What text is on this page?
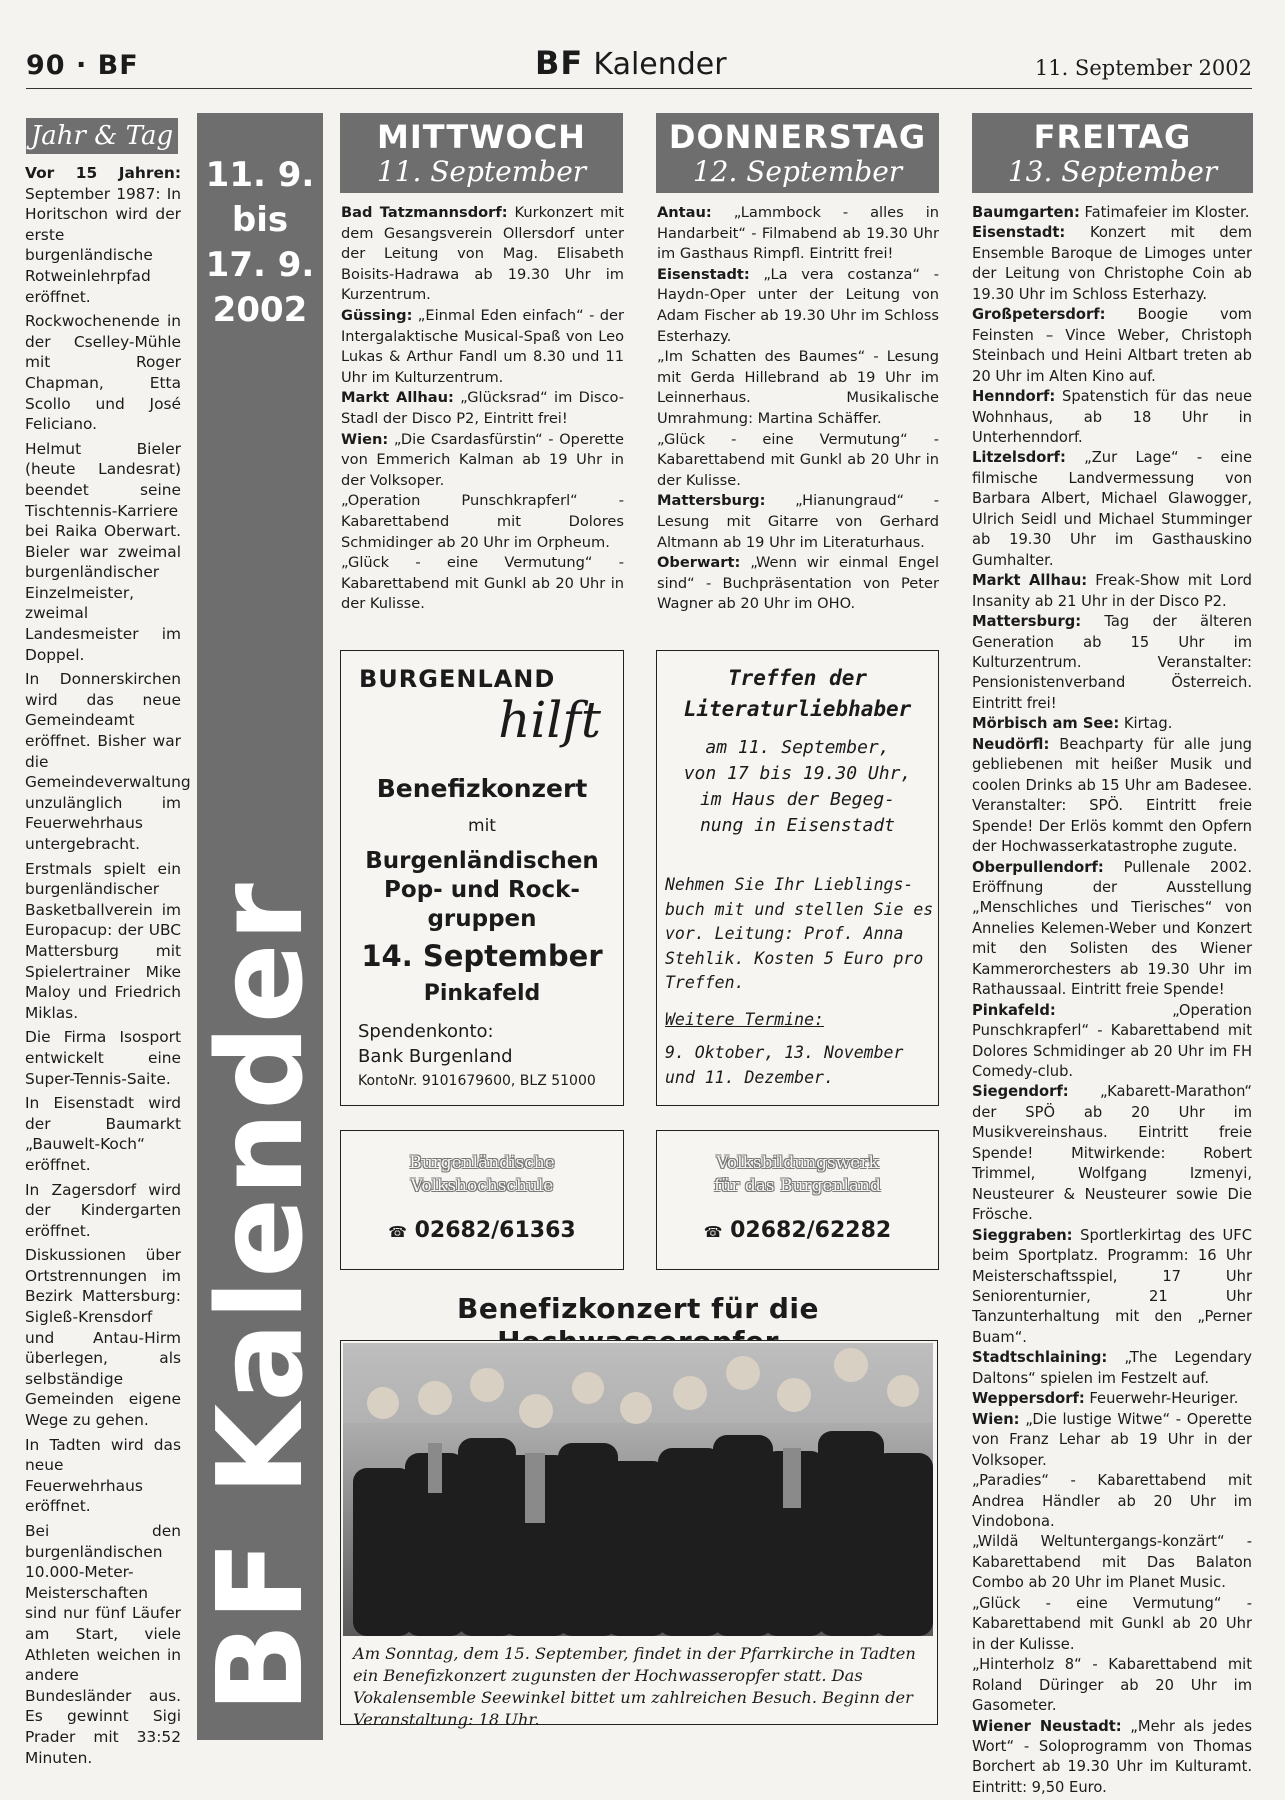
90 · BF	BF Kalender	11. September 2002
Jahr & Tag

Vor 15 Jahren: September 1987: In Horitschon wird der erste burgenländische Rotweinlehrpfad eröffnet.

Rockwochenende in der Cselley-Mühle mit Roger Chapman, Etta Scollo und José Feliciano.

Helmut Bieler (heute Landesrat) beendet seine Tischtennis-Karriere bei Raika Oberwart. Bieler war zweimal burgenländischer Einzelmeister, zweimal Landesmeister im Doppel.

In Donnerskirchen wird das neue Gemeindeamt eröffnet. Bisher war die Gemeindeverwaltung unzulänglich im Feuerwehrhaus untergebracht.

Erstmals spielt ein burgenländischer Basketballverein im Europacup: der UBC Mattersburg mit Spielertrainer Mike Maloy und Friedrich Miklas.

Die Firma Isosport entwickelt eine Super-Tennis-Saite.

In Eisenstadt wird der Baumarkt „Bauwelt-Koch“ eröffnet.

In Zagersdorf wird der Kindergarten eröffnet.

Diskussionen über Ortstrennungen im Bezirk Mattersburg: Sigleß-Krensdorf und Antau-Hirm überlegen, als selbständige Gemeinden eigene Wege zu gehen.

In Tadten wird das neue Feuerwehrhaus eröffnet.

Bei den burgenländischen 10.000-Meter-Meisterschaften sind nur fünf Läufer am Start, viele Athleten weichen in andere Bundesländer aus. Es gewinnt Sigi Prader mit 33:52 Minuten.

11. 9.
bis
17. 9.
2002
BF Kalender
MITTWOCH
11. September
DONNERSTAG
12. September
FREITAG
13. September

Bad Tatzmannsdorf: Kurkonzert mit dem Gesangsverein Ollersdorf unter der Leitung von Mag. Elisabeth Boisits-Hadrawa ab 19.30 Uhr im Kurzentrum.

Güssing: „Einmal Eden einfach“ - der Intergalaktische Musical-Spaß von Leo Lukas & Arthur Fandl um 8.30 und 11 Uhr im Kulturzentrum.

Markt Allhau: „Glücksrad“ im Disco-Stadl der Disco P2, Eintritt frei!

Wien: „Die Csardasfürstin“ - Operette von Emmerich Kalman ab 19 Uhr in der Volksoper.

„Operation Punschkrapferl“ - Kabarettabend mit Dolores Schmidinger ab 20 Uhr im Orpheum.

„Glück - eine Vermutung“ - Kabarettabend mit Gunkl ab 20 Uhr in der Kulisse.

Antau: „Lammbock - alles in Handarbeit“ - Filmabend ab 19.30 Uhr im Gasthaus Rimpfl. Eintritt frei!

Eisenstadt: „La vera costanza“ - Haydn-Oper unter der Leitung von Adam Fischer ab 19.30 Uhr im Schloss Esterhazy.

„Im Schatten des Baumes“ - Lesung mit Gerda Hillebrand ab 19 Uhr im Leinnerhaus. Musikalische Umrahmung: Martina Schäffer.

„Glück - eine Vermutung“ - Kabarettabend mit Gunkl ab 20 Uhr in der Kulisse.

Mattersburg: „Hianungraud“ - Lesung mit Gitarre von Gerhard Altmann ab 19 Uhr im Literaturhaus.

Oberwart: „Wenn wir einmal Engel sind“ - Buchpräsentation von Peter Wagner ab 20 Uhr im OHO.

Baumgarten: Fatimafeier im Kloster.

Eisenstadt: Konzert mit dem Ensemble Baroque de Limoges unter der Leitung von Christophe Coin ab 19.30 Uhr im Schloss Esterhazy.

Großpetersdorf: Boogie vom Feinsten – Vince Weber, Christoph Steinbach und Heini Altbart treten ab 20 Uhr im Alten Kino auf.

Henndorf: Spatenstich für das neue Wohnhaus, ab 18 Uhr in Unterhenndorf.

Litzelsdorf: „Zur Lage“ - eine filmische Landvermessung von Barbara Albert, Michael Glawogger, Ulrich Seidl und Michael Stumminger ab 19.30 Uhr im Gasthauskino Gumhalter.

Markt Allhau: Freak-Show mit Lord Insanity ab 21 Uhr in der Disco P2.

Mattersburg: Tag der älteren Generation ab 15 Uhr im Kulturzentrum. Veranstalter: Pensionistenverband Österreich. Eintritt frei!

Mörbisch am See: Kirtag.

Neudörfl: Beachparty für alle jung gebliebenen mit heißer Musik und coolen Drinks ab 15 Uhr am Badesee. Veranstalter: SPÖ. Eintritt freie Spende! Der Erlös kommt den Opfern der Hochwasserkatastrophe zugute.

Oberpullendorf: Pullenale 2002. Eröffnung der Ausstellung „Menschliches und Tierisches“ von Annelies Kelemen-Weber und Konzert mit den Solisten des Wiener Kammerorchesters ab 19.30 Uhr im Rathaussaal. Eintritt freie Spende!

Pinkafeld:	„Operation Punschkrapferl“ - Kabarettabend mit Dolores Schmidinger ab 20 Uhr im FH Comedy-club.

Siegendorf: „Kabarett-Marathon“ der SPÖ ab 20 Uhr im Musikvereinshaus. Eintritt freie Spende! Mitwirkende: Robert Trimmel, Wolfgang Izmenyi, Neusteurer & Neusteurer sowie Die Frösche.

Sieggraben: Sportlerkirtag des UFC beim Sportplatz. Programm: 16 Uhr Meisterschaftsspiel, 17 Uhr Seniorenturnier, 21 Uhr Tanzunterhaltung mit den „Perner Buam“.

Stadtschlaining: „The Legendary Daltons“ spielen im Festzelt auf.

Weppersdorf: Feuerwehr-Heuriger.

Wien: „Die lustige Witwe“ - Operette von Franz Lehar ab 19 Uhr in der Volksoper.

„Paradies“ - Kabarettabend mit Andrea Händler ab 20 Uhr im Vindobona.

„Wildä Weltuntergangs-konzärt“ - Kabarettabend mit Das Balaton Combo ab 20 Uhr im Planet Music.

„Glück - eine Vermutung“ - Kabarettabend mit Gunkl ab 20 Uhr in der Kulisse.

„Hinterholz 8“ - Kabarettabend mit Roland Düringer ab 20 Uhr im Gasometer.

Wiener Neustadt: „Mehr als jedes Wort“ - Soloprogramm von Thomas Borchert ab 19.30 Uhr im Kulturamt. Eintritt: 9,50 Euro.

BURGENLAND
hilft
Benefizkonzert
mit
Burgenländischen
Pop- und Rock-
gruppen
14. September
Pinkafeld
Spendenkonto:
Bank Burgenland
KontoNr. 9101679600, BLZ 51000
Treffen der
Literaturliebhaber
am 11. September,
von 17 bis 19.30 Uhr,
im Haus der Begeg-
nung in Eisenstadt
Nehmen Sie Ihr Lieblings-
buch mit und stellen Sie es
vor. Leitung: Prof. Anna
Stehlik. Kosten 5 Euro pro
Treffen.
Weitere Termine:
9. Oktober, 13. November
und 11. Dezember.
Burgenländische
Volkshochschule
☎ 02682/61363
Volksbildungswerk
für das Burgenland
☎ 02682/62282
Benefizkonzert für die
Am Sonntag, dem 15. September, findet in der Pfarrkirche in Tadten ein Benefizkonzert zugunsten der Hochwasseropfer statt. Das Vokalensemble Seewinkel bittet um zahlreichen Besuch. Beginn der Veranstaltung: 18 Uhr.
